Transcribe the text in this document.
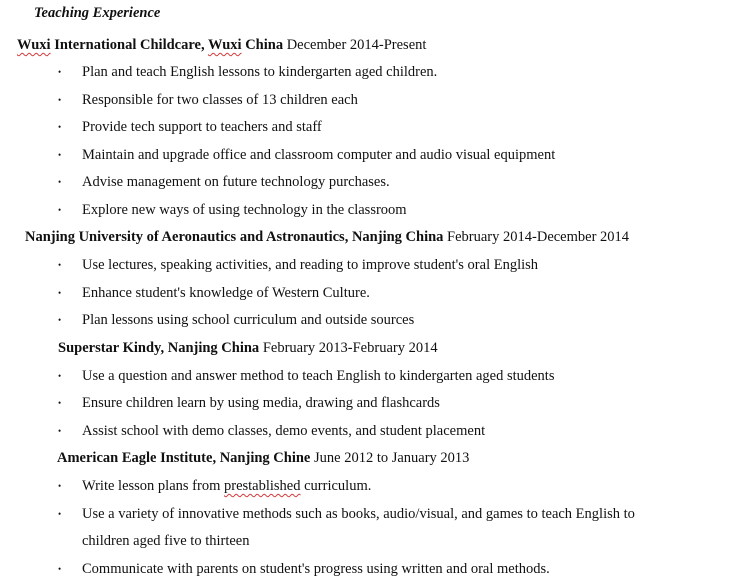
Teaching Experience
Wuxi International Childcare, Wuxi China December 2014-Present
• Plan and teach English lessons to kindergarten aged children.
• Responsible for two classes of 13 children each
• Provide tech support to teachers and staff
• Maintain and upgrade office and classroom computer and audio visual equipment
• Advise management on future technology purchases.
• Explore new ways of using technology in the classroom
Nanjing University of Aeronautics and Astronautics, Nanjing China February 2014-December 2014
• Use lectures, speaking activities, and reading to improve student's oral English
• Enhance student's knowledge of Western Culture.
• Plan lessons using school curriculum and outside sources
Superstar Kindy, Nanjing China February 2013-February 2014
• Use a question and answer method to teach English to kindergarten aged students
• Ensure children learn by using media, drawing and flashcards
• Assist school with demo classes, demo events, and student placement
American Eagle Institute, Nanjing Chine June 2012 to January 2013
• Write lesson plans from prestablished curriculum.
• Use a variety of innovative methods such as books, audio/visual, and games to teach English to
children aged five to thirteen
• Communicate with parents on student's progress using written and oral methods.
